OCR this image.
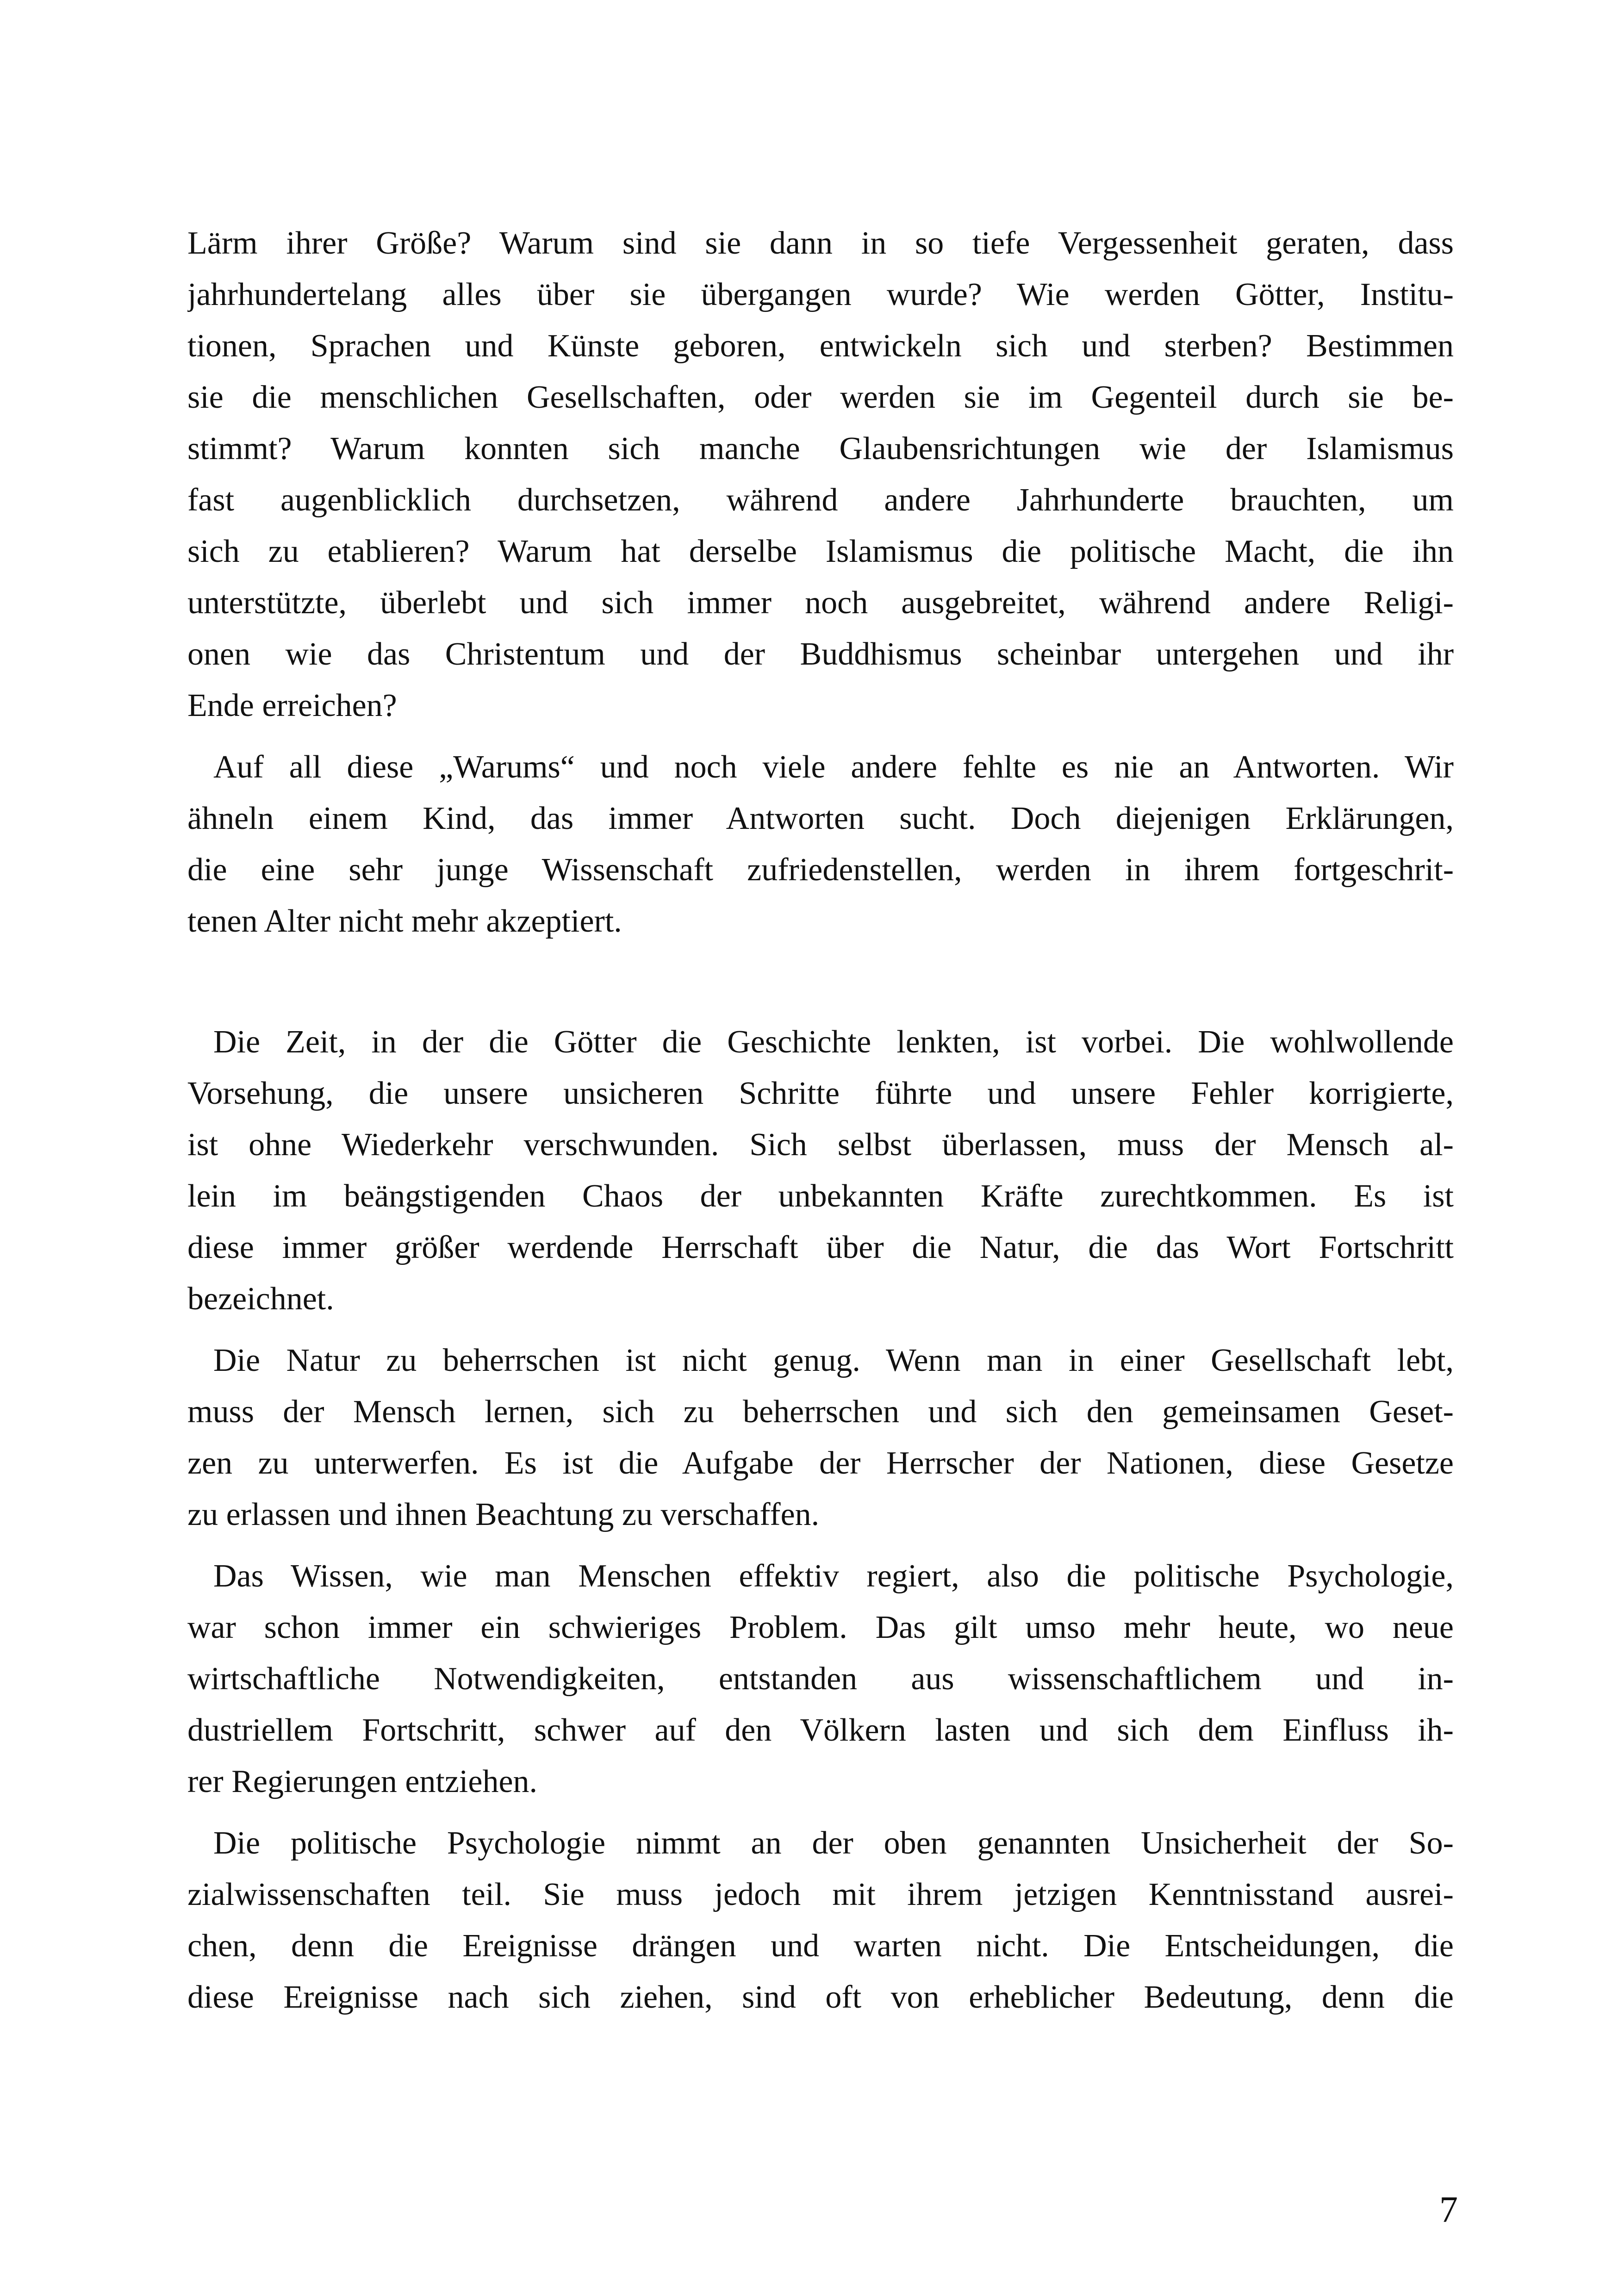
Lärm ihrer Größe? Warum sind sie dann in so tiefe Vergessenheit geraten, dass
jahrhundertelang alles über sie übergangen wurde? Wie werden Götter, Institu-
tionen, Sprachen und Künste geboren, entwickeln sich und sterben? Bestimmen
sie die menschlichen Gesellschaften, oder werden sie im Gegenteil durch sie be-
stimmt? Warum konnten sich manche Glaubensrichtungen wie der Islamismus
fast augenblicklich durchsetzen, während andere Jahrhunderte brauchten, um
sich zu etablieren? Warum hat derselbe Islamismus die politische Macht, die ihn
unterstützte, überlebt und sich immer noch ausgebreitet, während andere Religi-
onen wie das Christentum und der Buddhismus scheinbar untergehen und ihr
Ende erreichen?

Auf all diese „Warums“ und noch viele andere fehlte es nie an Antworten. Wir
ähneln einem Kind, das immer Antworten sucht. Doch diejenigen Erklärungen,
die eine sehr junge Wissenschaft zufriedenstellen, werden in ihrem fortgeschrit-
tenen Alter nicht mehr akzeptiert.

Die Zeit, in der die Götter die Geschichte lenkten, ist vorbei. Die wohlwollende
Vorsehung, die unsere unsicheren Schritte führte und unsere Fehler korrigierte,
ist ohne Wiederkehr verschwunden. Sich selbst überlassen, muss der Mensch al-
lein im beängstigenden Chaos der unbekannten Kräfte zurechtkommen. Es ist
diese immer größer werdende Herrschaft über die Natur, die das Wort Fortschritt
bezeichnet.

Die Natur zu beherrschen ist nicht genug. Wenn man in einer Gesellschaft lebt,
muss der Mensch lernen, sich zu beherrschen und sich den gemeinsamen Geset-
zen zu unterwerfen. Es ist die Aufgabe der Herrscher der Nationen, diese Gesetze
zu erlassen und ihnen Beachtung zu verschaffen.

Das Wissen, wie man Menschen effektiv regiert, also die politische Psychologie,
war schon immer ein schwieriges Problem. Das gilt umso mehr heute, wo neue
wirtschaftliche Notwendigkeiten, entstanden aus wissenschaftlichem und in-
dustriellem Fortschritt, schwer auf den Völkern lasten und sich dem Einfluss ih-
rer Regierungen entziehen.

Die politische Psychologie nimmt an der oben genannten Unsicherheit der So-
zialwissenschaften teil. Sie muss jedoch mit ihrem jetzigen Kenntnisstand ausrei-
chen, denn die Ereignisse drängen und warten nicht. Die Entscheidungen, die
diese Ereignisse nach sich ziehen, sind oft von erheblicher Bedeutung, denn die

7
